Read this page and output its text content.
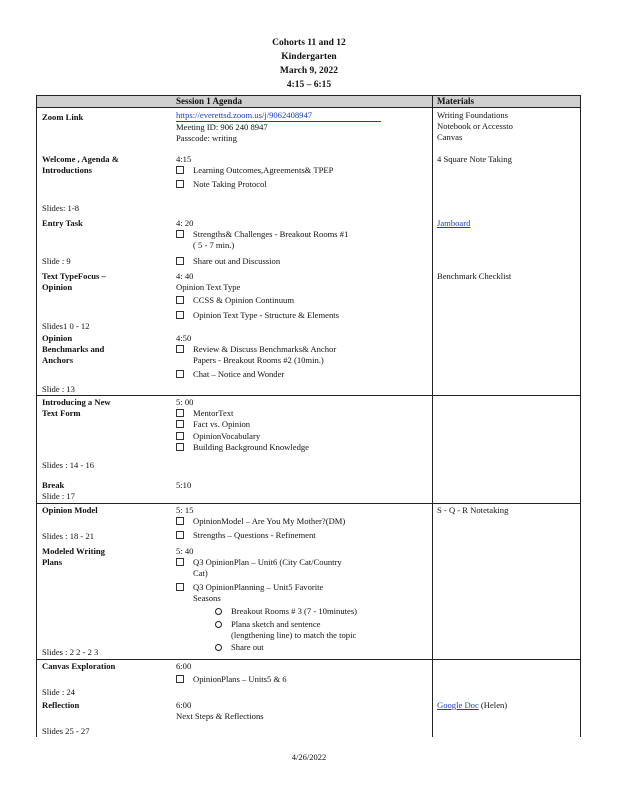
Cohorts 11 and 12
Kindergarten
March 9, 2022
4:15 – 6:15
Session 1 Agenda	Materials
Zoom Link	https://everettsd.zoom.us/j/9062408947
Meeting ID: 906 240 8947
Passcode: writing
Writing Foundations
Notebook or Accessto
Canvas
Welcome , Agenda &
Introductions
Slides: 1-8
4:15
Learning Outcomes,Agreements& TPEP
Note Taking Protocol
4 Square Note Taking
Entry Task
Slide : 9
4: 20
Strengths& Challenges - Breakout Rooms #1
( 5 - 7 min.)
Share out and Discussion
Jamboard
Text TypeFocus –
Opinion
Slides1 0 - 12
4: 40
Opinion Text Type
CCSS & Opinion Continuum
Opinion Text Type - Structure & Elements
Benchmark Checklist
Opinion
Benchmarks and
Anchors
Slide : 13
4:50
Review & Discuss Benchmarks& Anchor
Papers - Breakout Rooms #2 (10min.)
Chat – Notice and Wonder
Introducing a New
Text Form
Slides : 14 - 16
5: 00
MentorText
Fact vs. Opinion
OpinionVocabulary
Building Background Knowledge
Break
Slide : 17
5:10
Opinion Model
Slides : 18 - 21
5: 15
OpinionModel – Are You My Mother?(DM)
Strengths – Questions - Refinement
S - Q - R Notetaking
Modeled Writing
Plans
Slides : 2 2 - 2 3
5: 40
Q3 OpinionPlan – Unit6 (City Cat/Country
Cat)
Q3 OpinionPlanning – Unit5 Favorite
Seasons
Breakout Rooms # 3 (7 - 10minutes)
Plana sketch and sentence
(lengthening line) to match the topic
Share out
Canvas Exploration
Slide : 24
6:00
OpinionPlans – Units5 & 6
Reflection
Slides 25 - 27
6:00
Next Steps & Reflections
Google Doc (Helen)
4/26/2022
